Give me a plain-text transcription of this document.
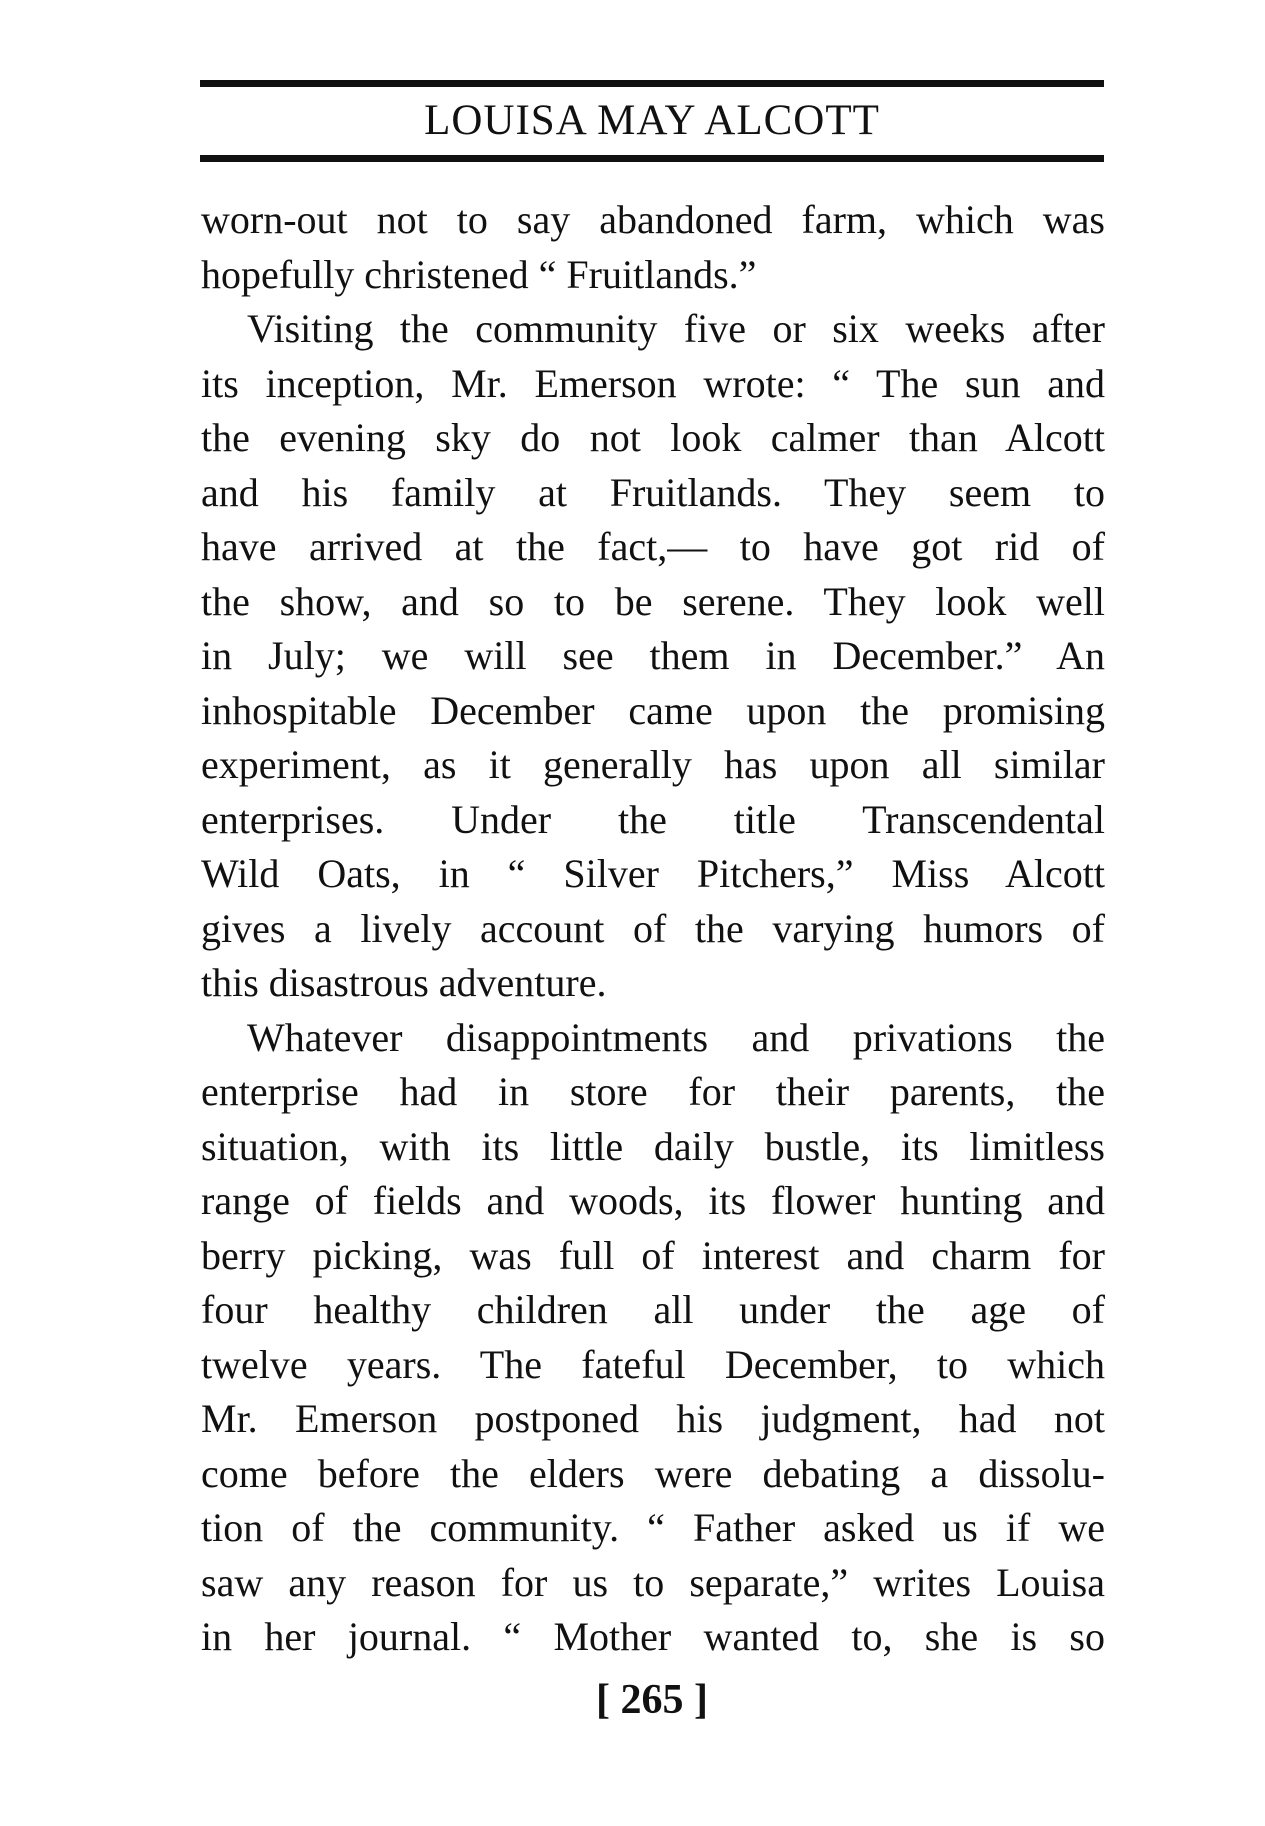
LOUISA MAY ALCOTT
worn-out not to say abandoned farm, which was
hopefully christened “ Fruitlands.”
Visiting the community five or six weeks after
its inception, Mr. Emerson wrote: “ The sun and
the evening sky do not look calmer than Alcott
and his family at Fruitlands. They seem to
have arrived at the fact,— to have got rid of
the show, and so to be serene. They look well
in July; we will see them in December.” An
inhospitable December came upon the promising
experiment, as it generally has upon all similar
enterprises. Under the title Transcendental
Wild Oats, in “ Silver Pitchers,” Miss Alcott
gives a lively account of the varying humors of
this disastrous adventure.
Whatever disappointments and privations the
enterprise had in store for their parents, the
situation, with its little daily bustle, its limitless
range of fields and woods, its flower hunting and
berry picking, was full of interest and charm for
four healthy children all under the age of
twelve years. The fateful December, to which
Mr. Emerson postponed his judgment, had not
come before the elders were debating a dissolu-
tion of the community. “ Father asked us if we
saw any reason for us to separate,” writes Louisa
in her journal. “ Mother wanted to, she is so
[ 265 ]
